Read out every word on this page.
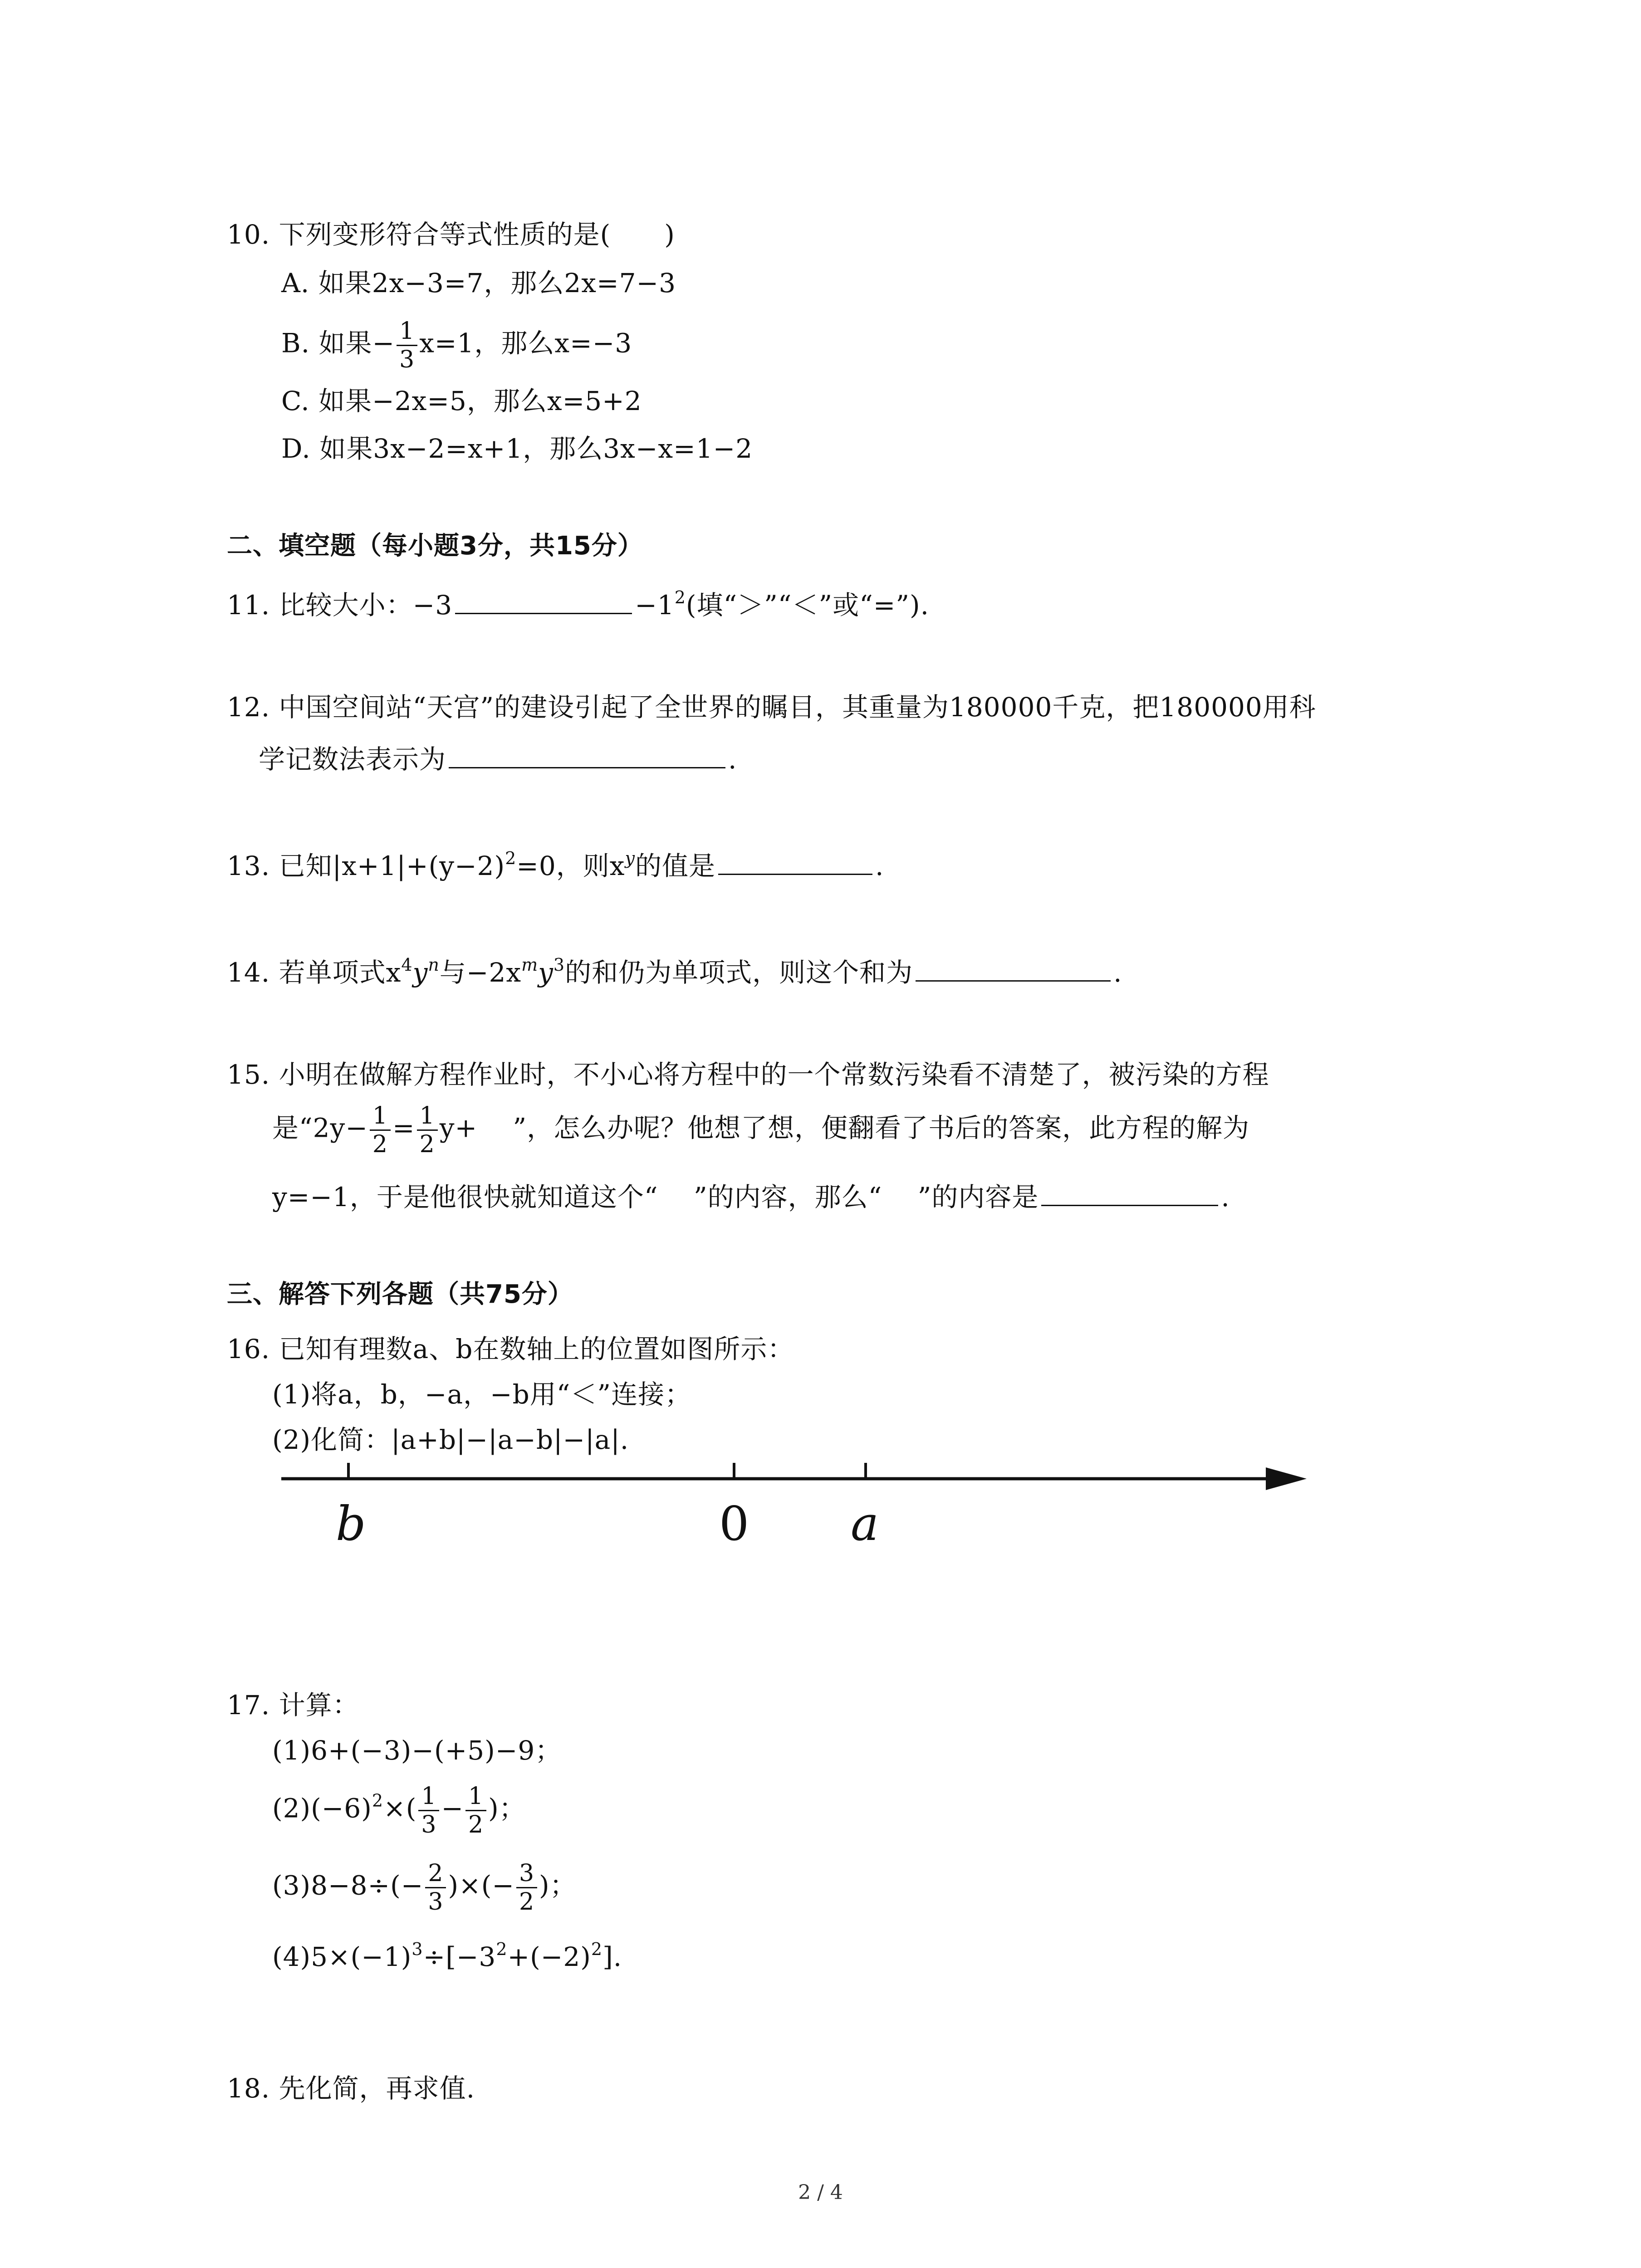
10. 下列变形符合等式性质的是(　　)
A. 如果2x−3=7，那么2x=7−3
B. 如果− $\frac{1}{3} x=1$，那么x=−3
C. 如果−2x=5，那么x=5+2
D. 如果3x−2=x+1，那么3x−x=1−2
二、填空题（每小题3分，共15分）
11. 比较大小：−3	$-1^2$(填“＞”“＜”或“=”).
12. 中国空间站“天宫”的建设引起了全世界的瞩目，其重量为180000千克，把180000用科
学记数法表示为	.
13. 已知$|x+1|+(y-2)^2=0$，则$x^y$的值是	.
14. 若单项式$x^4y^n$与$-2x^my^3$的和仍为单项式，则这个和为	.
15. 小明在做解方程作业时，不小心将方程中的一个常数污染看不清楚了，被污染的方程
是“$2y- \frac{1}{2} = \frac{1}{2} y+$　 ”，怎么办呢？他想了想，便翻看了书后的答案，此方程的解为
y=−1，于是他很快就知道这个“　 ”的内容，那么“　 ”的内容是	.
三、解答下列各题（共75分）
16. 已知有理数a、b在数轴上的位置如图所示：
(1)将a，b，−a，−b用“＜”连接；
(2)化简：|a+b|−|a−b|−|a|.
b	0 a
17. 计算：
(1)6+(−3)−(+5)−9；
$(2)(-6)^2\times( \frac{1}{3} - \frac{1}{2}$ )；
$(3)8-8\div(- \frac{2}{3}$ )×(− $\frac{3}{2}$ )；
$(4)5\times(-1)^3\div[-3^2+(-2)^2]$.
18. 先化简，再求值.
2 / 4
